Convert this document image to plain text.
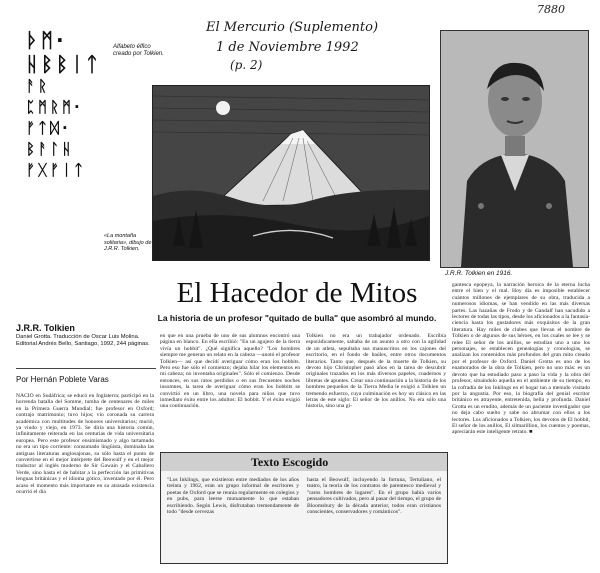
7880
El Mercurio (Suplemento)
1 de Noviembre 1992
(p. 2)
ᚦᛗ·
ᚺᛒᛒᛁᛏ
ᚨᚱ
ᛈᛗᚱᛗ·
ᚠᛏᛞ·
ᛒᚨᛚᚺ
ᚠᚷᚠᛁᛏ
Alfabeto élfico creado por Tolkien.
«La montaña solitaria», dibujo de J.R.R. Tolkien.
J.R.R. Tolkien en 1916.
El Hacedor de Mitos
La historia de un profesor "quitado de bulla" que asombró al mundo.
J.R.R. Tolkien
Daniel Grotta. Traducción de Oscar Luis Molina. Editorial Andrés Bello, Santiago, 1992, 244 páginas.
Por Hernán Poblete Varas
NACIÓ en Sudáfrica; se educó en Inglaterra; participó en la horrenda batalla del Somme, tumba de centenares de miles en la Primera Guerra Mundial; fue profesor en Oxford; contrajo matrimonio; tuvo hijos; vio coronada su carrera académica con multitudes de honores universitarios; murió, ya viudo y viejo, en 1973. Se diría una historia común, infinitamente reiterada en las centurias de vida universitaria europea. Pero este profesor ensimismado y algo tartamudo no era un tipo corriente: consumado lingüista, dominaba las antiguas literaturas anglosajonas, su sólo hasta el punto de convertirse en el mejor intérprete del Beowulf y en el mejor traductor al inglés moderno de Sir Gawain y el Caballero Verde, sino hasta el de habitar a la perfección las primitivas lenguas británicas y el idioma gótico, inventado por él. Pero acaso el momento más importante en su atrasada existencia ocurrió el día
en que en una prueba de uno de sus alumnos encontró una página en blanco. En ella escribió: "En un agujero de la tierra vivía un hobbit". ¿Qué significa aquello? "Los hombres siempre me generan un relato en la cabeza —anotó el profesor Tolkien— así que decidí averiguar cómo eran los hobbits. Pero eso fue sólo el comienzo; dejaba hilar los elementos en mi cabeza; no inventaba originales". Sólo el comienzo. Desde entonces, en sus ratos perdidos o en sus frecuentes noches insomnes, la tarea de averiguar cómo eran los hobbits se convirtió en un libro, una novela para niños que tuvo inmediato éxito entre los adultos: El hobbit. Y el éxito exigió una continuación.
Tolkien no era un trabajador ordenado. Escribía esporádicamente, saltaba de un asunto a otro con la agilidad de un atleta, sepultaba sus manuscritos en los cajones del escritorio, en el fondo de baúles, entre otros documentos literarios. Tanto que, después de la muerte de Tolkien, su devoto hijo Christopher pasó años en la tarea de descubrir originales trazados en los más diversos papeles, cuadernos y libretas de apuntes. Crear una continuación a la historia de los hombres pequeños de la Tierra Media le exigió a Tolkien un tremendo esfuerzo, cuya culminación es hoy un clásico en las letras de este siglo: El señor de los anillos. No era sólo una historia, sino una gi-
gantesca epopeya, la narración heroica de la eterna lucha entre el bien y el mal. Hoy día es imposible establecer cuántos millones de ejemplares de su obra, traducida a numerosos idiomas, se han vendido en las más diversas partes. Las hazañas de Frodo y de Gandalf han sacudido a lectores de todas las tipos, desde los aficionados a la fantasía-ciencia hasta los gustadores más exquisitos de la gran literatura. Hay miles de clubes que llevan el nombre de Tolkien o de algunos de sus héroes, en los cuales se lee y se relee El señor de los anillos, se estudian uno a uno los personajes, se establecen genealogías y cronologías, se analizan los contenidos más profundos del gran mito creado por el profesor de Oxford. Daniel Grotta es uno de los enamorados de la obra de Tolkien, pero no uno más: es un devoto que ha estudiado paso a paso la vida y la obra del profesor, situándolo aquella en el ambiente de su tiempo, en la cofradía de los Inklings en el hogar tan a menudo visitado por la angustia. Por eso, la biografía del genial escritor británico es atrayente, entretenida, bella y profunda. Daniel Grotta es un erudito, además de un paciente investigador que no deja cabo suelto y sabe no abrumar con ellos a los lectores. Los aficionados a Tolkien, los devotos de El hobbit, El señor de los anillos, El silmarillion, los cuentos y poemas, apreciarán este inteligente retrato. ■
Texto Escogido
"Los Inklings, que existieron entre mediados de los años treinta y 1962, eran un grupo informal de escritores y poetas de Oxford que se reunía regularmente en colegios y en pubs, para leerse mutuamente lo que estaban escribiendo. Según Lewis, disfrutaban tremendamente de todo "desde cervezas
hasta el Beowulf, incluyendo la fortuna, Tertuliano, el teatro, la teoría de los contratos de parentesco medieval y "raros hombres de lugares". En el grupo había varios pensadores cultivados, pero al pasar del tiempo, el grupo de Bloomsbury de la década anterior, todos eran cristianos conscientes, conservadores y románticos".
